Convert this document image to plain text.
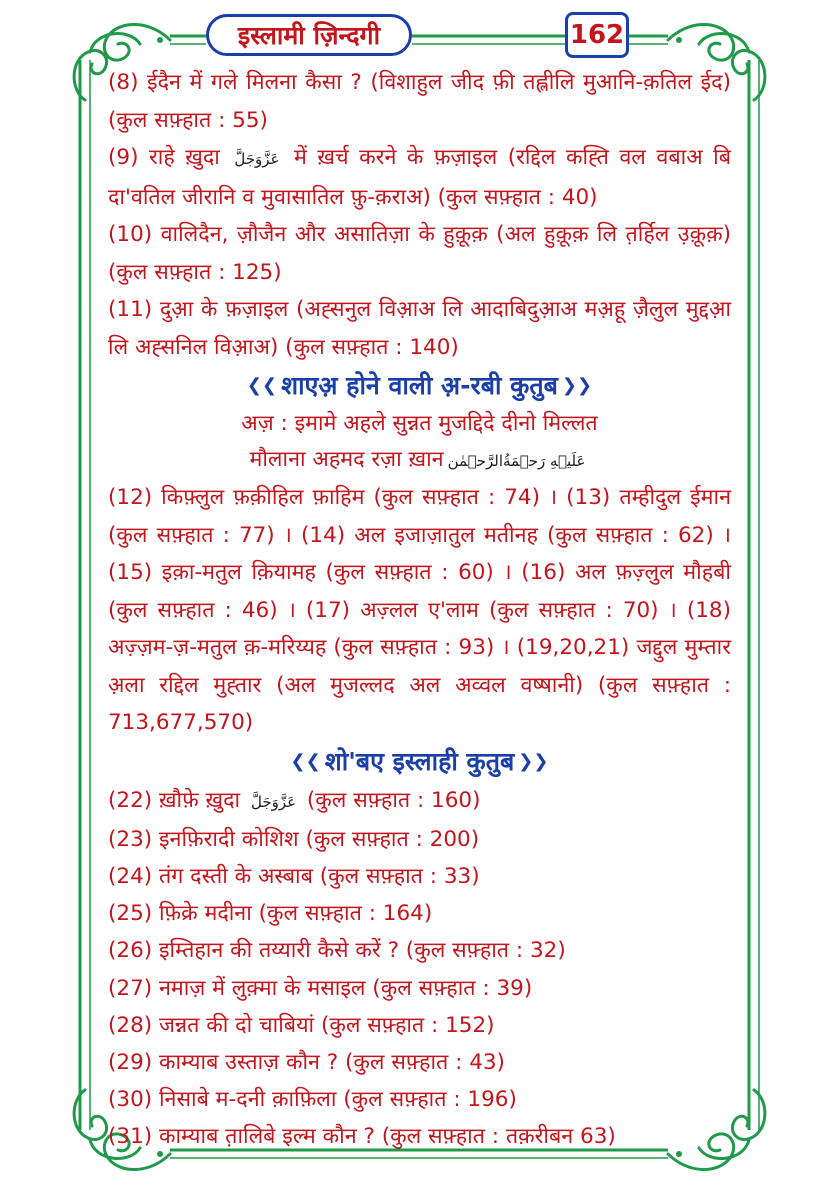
इस्लामी ज़िन्दगी	162

(8) ईदैन में गले मिलना कैसा ? (विशाहुल जीद फ़ी तह्लीलि मुआनि-क़तिल ईद) (कुल सफ़्हात : 55)

(9) राहे ख़ुदा عَزَّوَجَلَّ में ख़र्च करने के फ़ज़ाइल (रद्दिल कह्ति वल वबाअ बि दा'वतिल जीरानि व मुवासातिल फ़ु-क़राअ) (कुल सफ़्हात : 40)

(10) वालिदैन, ज़ौजैन और असातिज़ा के हुक़ूक़ (अल हुक़ूक़ लि त़र्हिल उ़क़ूक़) (कुल सफ़्हात : 125)

(11) दुआ़ के फ़ज़ाइल (अह्सनुल विआ़अ लि आदाबिदुआ़अ मअ़हू ज़ैलुल मुद्दआ़ लि अह्सनिल विआ़अ) (कुल सफ़्हात : 140)

❮❮ शाएअ़ होने वाली अ़-रबी कुतुब ❯❯
अज़ : इमामे अहले सुन्नत मुजद्दिदे दीनो मिल्लत
मौलाना अहमद रज़ा ख़ान عَلَيۡهِ رَحۡمَةُالرَّحۡمٰن

(12) किफ़्लुल फ़क़ीहिल फ़ाहिम (कुल सफ़्हात : 74) । (13) तम्हीदुल ईमान (कुल सफ़्हात : 77) । (14) अल इजाज़ातुल मतीनह (कुल सफ़्हात : 62) । (15) इक़ा-मतुल क़ियामह (कुल सफ़्हात : 60) । (16) अल फ़ज़्लुल मौहबी (कुल सफ़्हात : 46) । (17) अज़्लल ए'लाम (कुल सफ़्हात : 70) । (18) अज़्ज़म-ज़-मतुल क़-मरिय्यह (कुल सफ़्हात : 93) । (19,20,21) जद्दुल मुम्तार अ़ला रद्दिल मुह्तार (अल मुजल्लद अल अव्वल वष्षानी) (कुल सफ़्हात : 713,677,570)

❮❮ शो'बए इस्लाही कुतुब ❯❯
(22) ख़ौफ़े ख़ुदा عَزَّوَجَلَّ (कुल सफ़्हात : 160)
(23) इनफ़िरादी कोशिश (कुल सफ़्हात : 200)
(24) तंग दस्ती के अस्बाब (कुल सफ़्हात : 33)
(25) फ़िक्रे मदीना (कुल सफ़्हात : 164)
(26) इम्तिहान की तय्यारी कैसे करें ? (कुल सफ़्हात : 32)
(27) नमाज़ में लुक़्मा के मसाइल (कुल सफ़्हात : 39)
(28) जन्नत की दो चाबियां (कुल सफ़्हात : 152)
(29) काम्याब उस्ताज़ कौन ? (कुल सफ़्हात : 43)
(30) निसाबे म-दनी क़ाफ़िला (कुल सफ़्हात : 196)
(31) काम्याब त़ालिबे इल्म कौन ? (कुल सफ़्हात : तक़रीबन 63)
